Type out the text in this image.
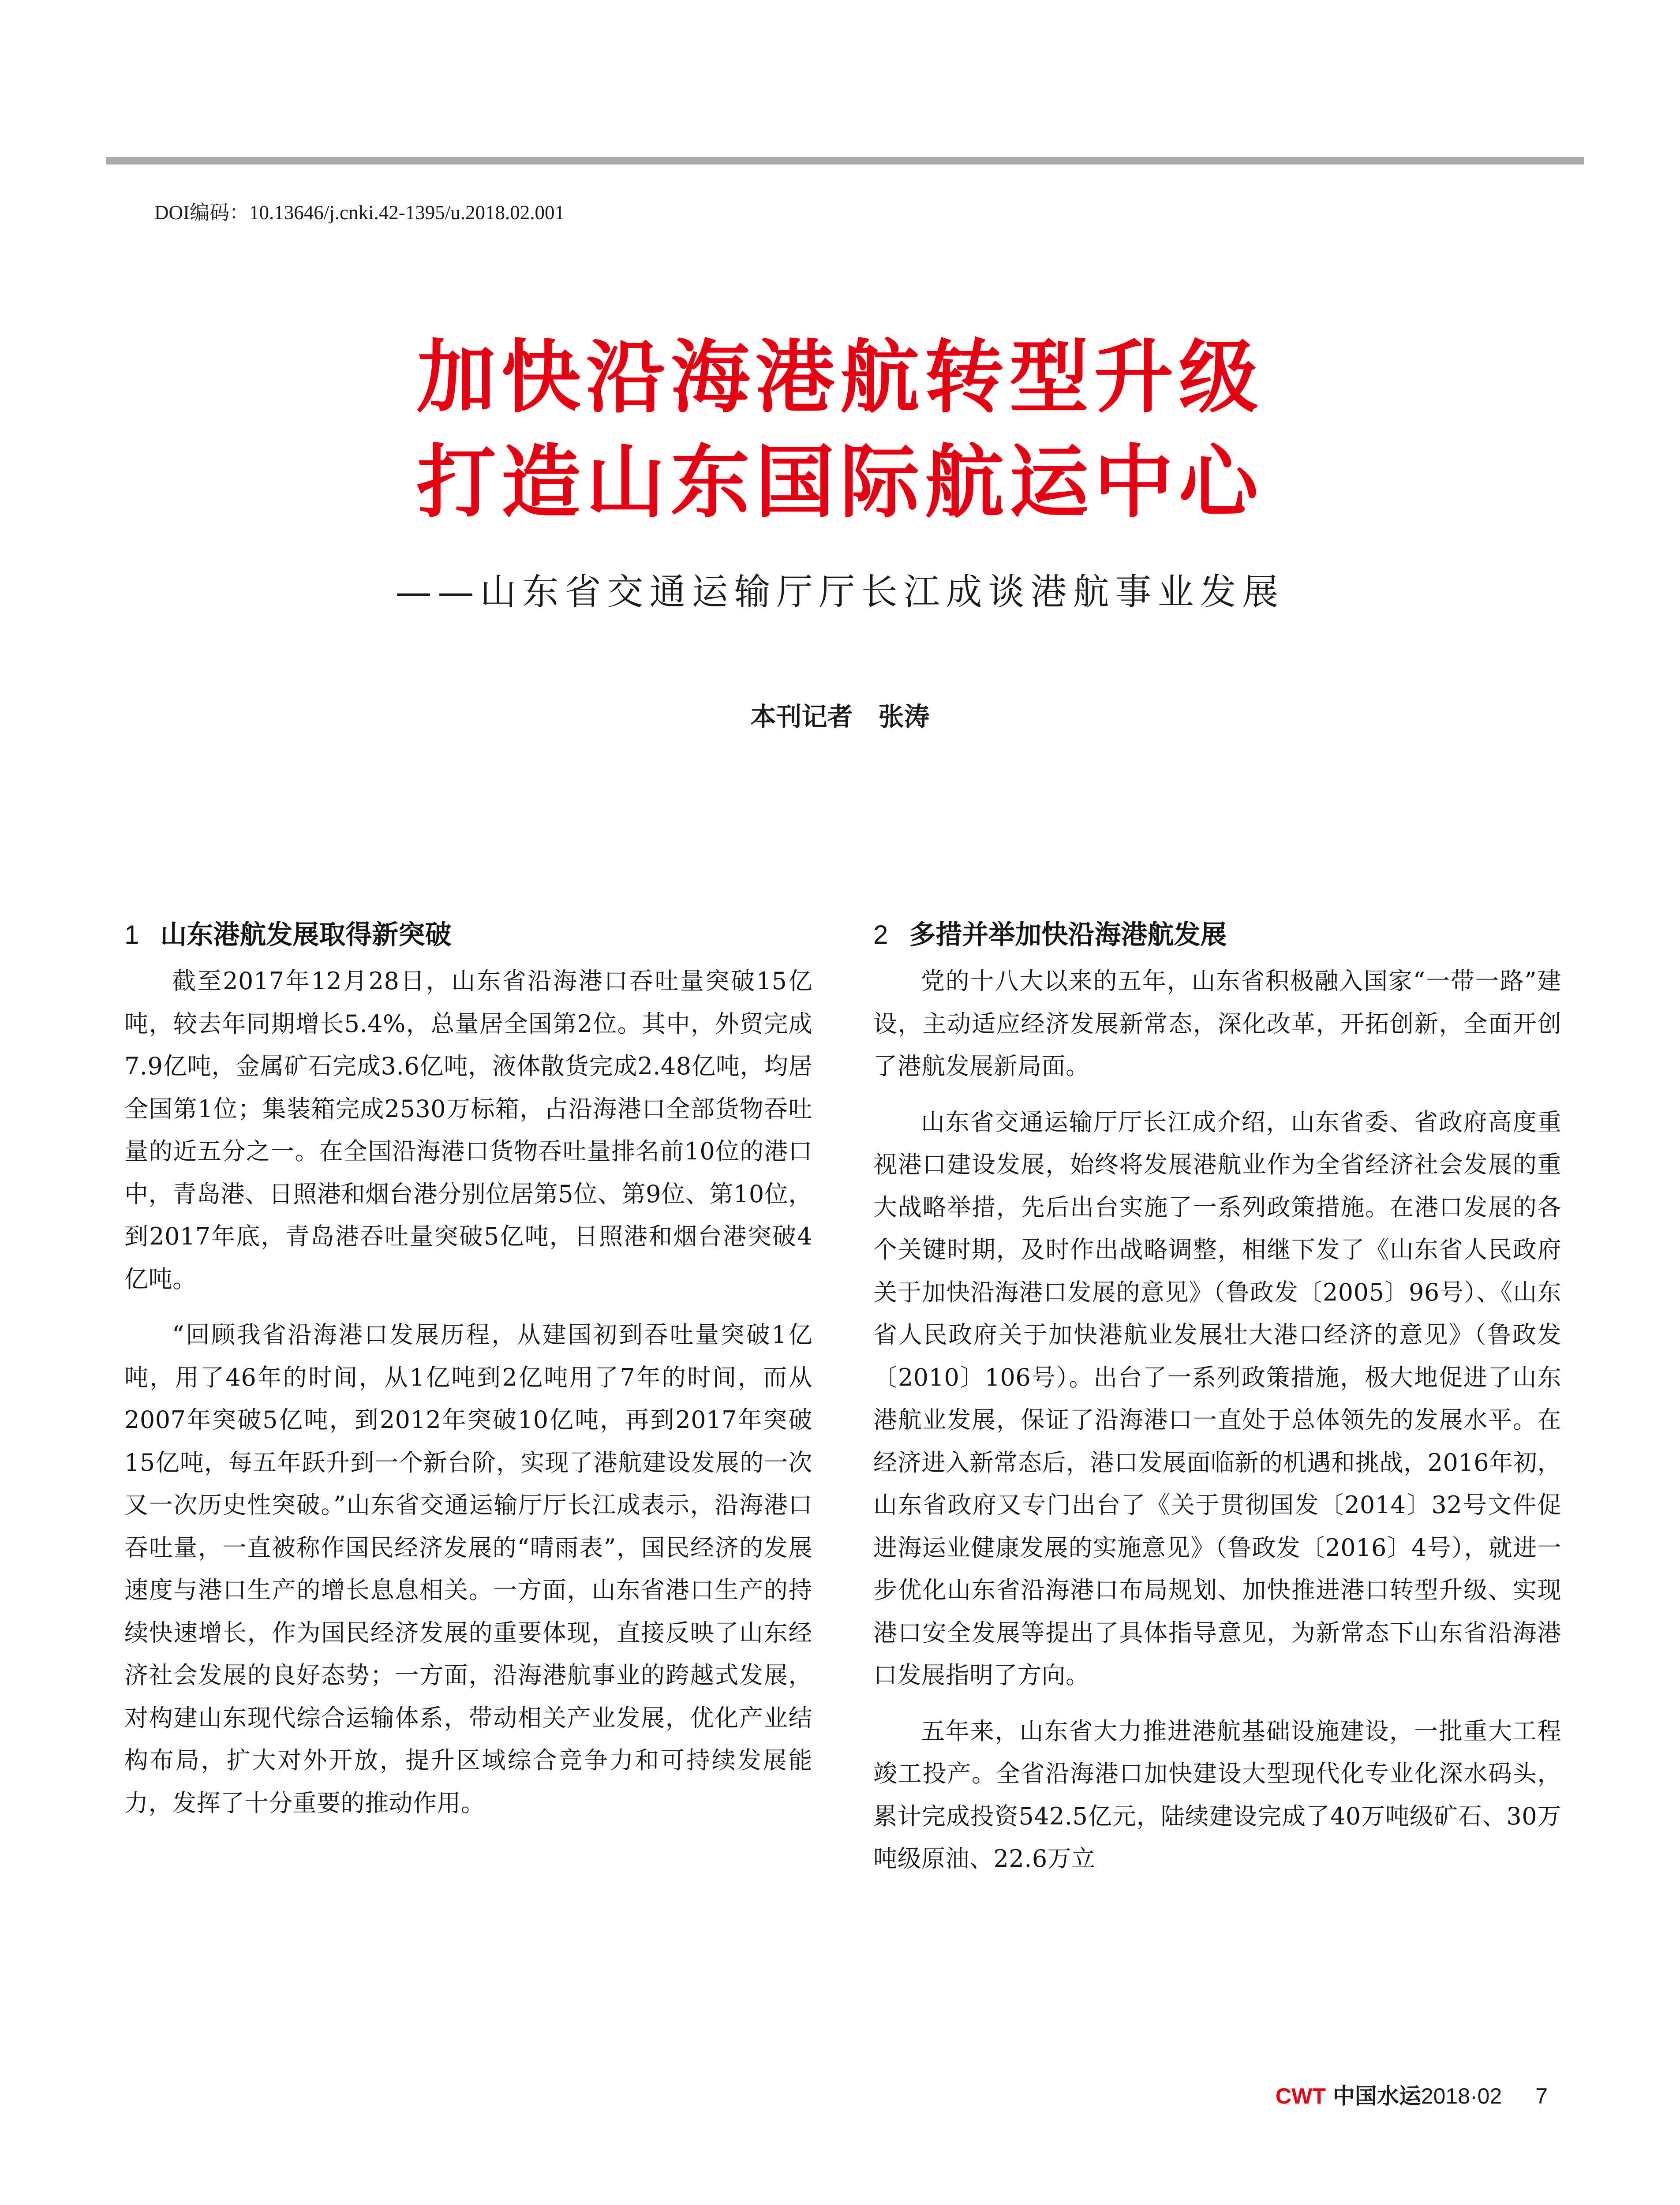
DOI编码：10.13646/j.cnki.42-1395/u.2018.02.001
加快沿海港航转型升级
打造山东国际航运中心
——山东省交通运输厅厅长江成谈港航事业发展
本刊记者　张涛
1 山东港航发展取得新突破

截至2017年12月28日，山东省沿海港口吞吐量突破15亿吨，较去年同期增长5.4%，总量居全国第2位。其中，外贸完成7.9亿吨，金属矿石完成3.6亿吨，液体散货完成2.48亿吨，均居全国第1位；集装箱完成2530万标箱，占沿海港口全部货物吞吐量的近五分之一。在全国沿海港口货物吞吐量排名前10位的港口中，青岛港、日照港和烟台港分别位居第5位、第9位、第10位，到2017年底，青岛港吞吐量突破5亿吨，日照港和烟台港突破4亿吨。

“回顾我省沿海港口发展历程，从建国初到吞吐量突破1亿吨，用了46年的时间，从1亿吨到2亿吨用了7年的时间，而从2007年突破5亿吨，到2012年突破10亿吨，再到2017年突破15亿吨，每五年跃升到一个新台阶，实现了港航建设发展的一次又一次历史性突破。”山东省交通运输厅厅长江成表示，沿海港口吞吐量，一直被称作国民经济发展的“晴雨表”，国民经济的发展速度与港口生产的增长息息相关。一方面，山东省港口生产的持续快速增长，作为国民经济发展的重要体现，直接反映了山东经济社会发展的良好态势；一方面，沿海港航事业的跨越式发展，对构建山东现代综合运输体系，带动相关产业发展，优化产业结构布局，扩大对外开放，提升区域综合竞争力和可持续发展能力，发挥了十分重要的推动作用。

2 多措并举加快沿海港航发展

党的十八大以来的五年，山东省积极融入国家“一带一路”建设，主动适应经济发展新常态，深化改革，开拓创新，全面开创了港航发展新局面。

山东省交通运输厅厅长江成介绍，山东省委、省政府高度重视港口建设发展，始终将发展港航业作为全省经济社会发展的重大战略举措，先后出台实施了一系列政策措施。在港口发展的各个关键时期，及时作出战略调整，相继下发了《山东省人民政府关于加快沿海港口发展的意见》（鲁政发〔2005〕96号）、《山东省人民政府关于加快港航业发展壮大港口经济的意见》（鲁政发〔2010〕106号）。出台了一系列政策措施，极大地促进了山东港航业发展，保证了沿海港口一直处于总体领先的发展水平。在经济进入新常态后，港口发展面临新的机遇和挑战，2016年初，山东省政府又专门出台了《关于贯彻国发〔2014〕32号文件促进海运业健康发展的实施意见》（鲁政发〔2016〕4号），就进一步优化山东省沿海港口布局规划、加快推进港口转型升级、实现港口安全发展等提出了具体指导意见，为新常态下山东省沿海港口发展指明了方向。

五年来，山东省大力推进港航基础设施建设，一批重大工程竣工投产。全省沿海港口加快建设大型现代化专业化深水码头，累计完成投资542.5亿元，陆续建设完成了40万吨级矿石、30万吨级原油、22.6万立

CWT 中国水运2018·02 7
